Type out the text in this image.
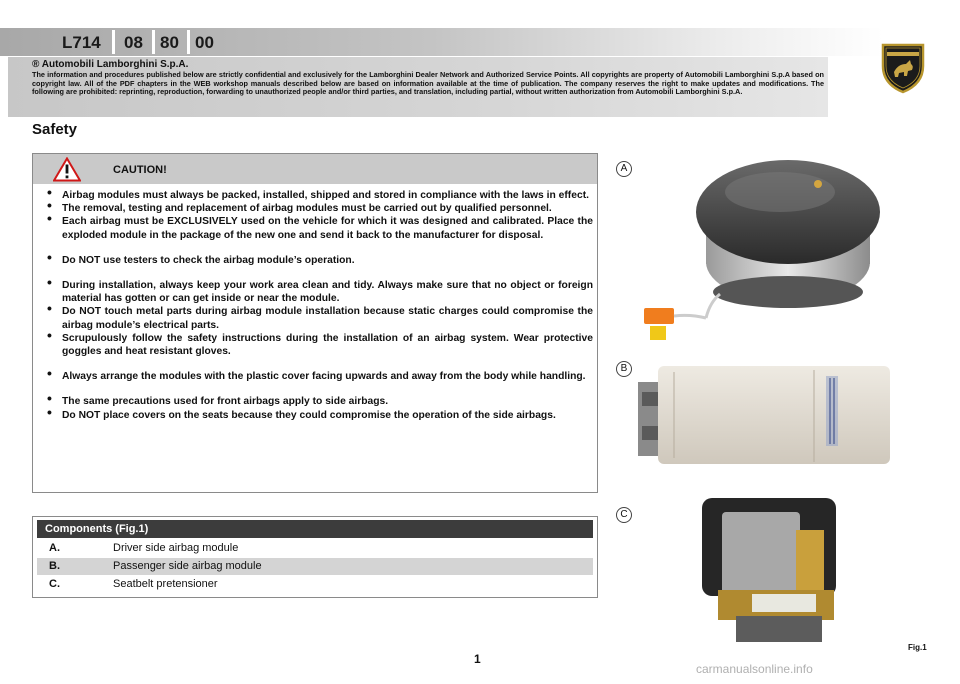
L714 08 80 00
® Automobili Lamborghini S.p.A.
The information and procedures published below are strictly confidential and exclusively for the Lamborghini Dealer Network and Authorized Service Points. All copyrights are property of Automobili Lamborghini S.p.A based on copyright law. All of the PDF chapters in the WEB workshop manuals described below are based on information available at the time of publication. The company reserves the right to make updates and modifications. The following are prohibited: reprinting, reproduction, forwarding to unauthorized people and/or third parties, and translation, including partial, without written authorization from Automobili Lamborghini S.p.A.
Safety
CAUTION!
• Airbag modules must always be packed, installed, shipped and stored in compliance with the laws in effect.
• The removal, testing and replacement of airbag modules must be carried out by qualified personnel.
• Each airbag must be EXCLUSIVELY used on the vehicle for which it was designed and calibrated. Place the exploded module in the package of the new one and send it back to the manufacturer for disposal.
• Do NOT use testers to check the airbag module’s operation.
• During installation, always keep your work area clean and tidy. Always make sure that no object or foreign material has gotten or can get inside or near the module.
• Do NOT touch metal parts during airbag module installation because static charges could compromise the airbag module’s electrical parts.
• Scrupulously follow the safety instructions during the installation of an airbag system. Wear protective goggles and heat resistant gloves.
• Always arrange the modules with the plastic cover facing upwards and away from the body while handling.
• The same precautions used for front airbags apply to side airbags.
• Do NOT place covers on the seats because they could compromise the operation of the side airbags.
Components (Fig.1)
A.	Driver side airbag module
B.	Passenger side airbag module
C.	Seatbelt pretensioner
A
B
C
Fig.1
1
carmanualsonline.info
